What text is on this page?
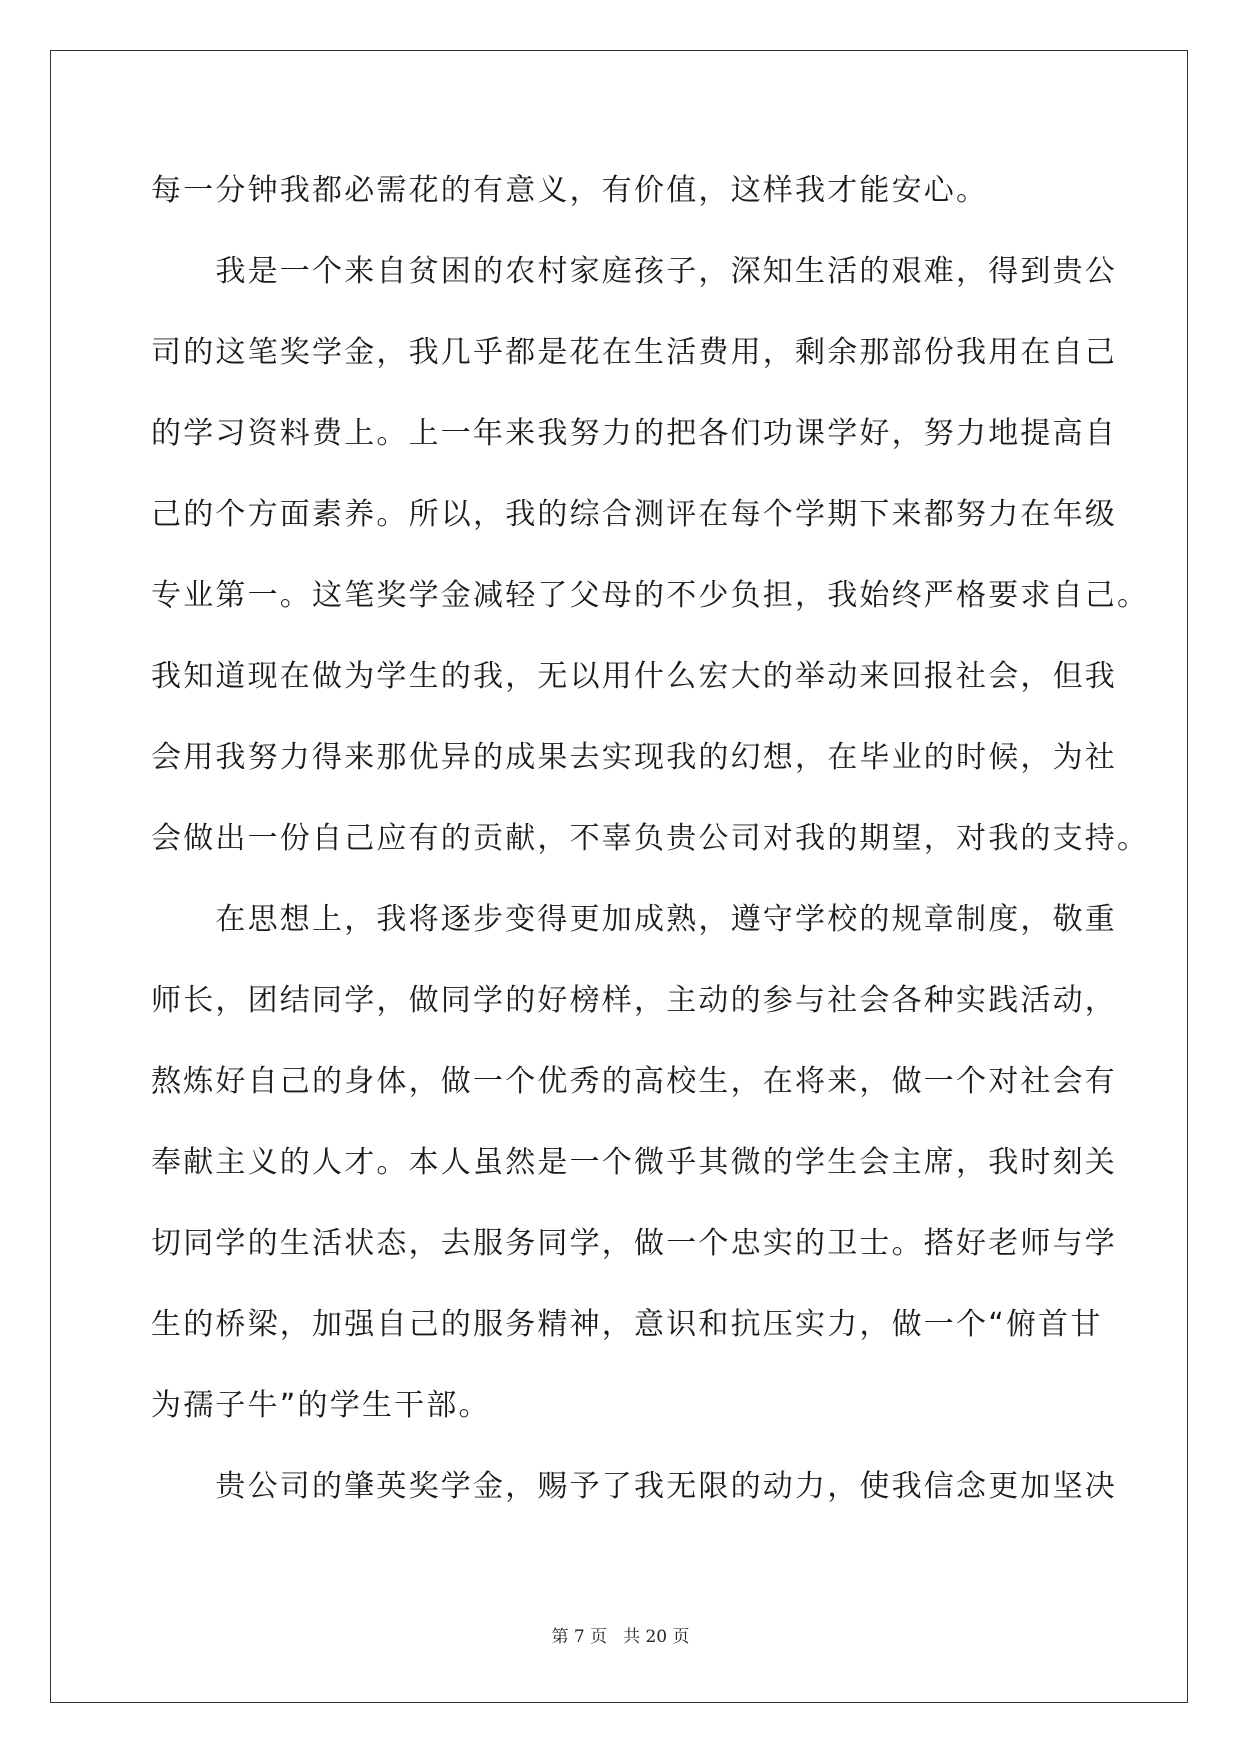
每一分钟我都必需花的有意义，有价值，这样我才能安心。
　　我是一个来自贫困的农村家庭孩子，深知生活的艰难，得到贵公
司的这笔奖学金，我几乎都是花在生活费用，剩余那部份我用在自己
的学习资料费上。上一年来我努力的把各们功课学好，努力地提高自
己的个方面素养。所以，我的综合测评在每个学期下来都努力在年级
专业第一。这笔奖学金减轻了父母的不少负担，我始终严格要求自己。
我知道现在做为学生的我，无以用什么宏大的举动来回报社会，但我
会用我努力得来那优异的成果去实现我的幻想，在毕业的时候，为社
会做出一份自己应有的贡献，不辜负贵公司对我的期望，对我的支持。
　　在思想上，我将逐步变得更加成熟，遵守学校的规章制度，敬重
师长，团结同学，做同学的好榜样，主动的参与社会各种实践活动，
熬炼好自己的身体，做一个优秀的高校生，在将来，做一个对社会有
奉献主义的人才。本人虽然是一个微乎其微的学生会主席，我时刻关
切同学的生活状态，去服务同学，做一个忠实的卫士。搭好老师与学
生的桥梁，加强自己的服务精神，意识和抗压实力，做一个“俯首甘
为孺子牛”的学生干部。
　　贵公司的肇英奖学金，赐予了我无限的动力，使我信念更加坚决
第 7 页 共 20 页
